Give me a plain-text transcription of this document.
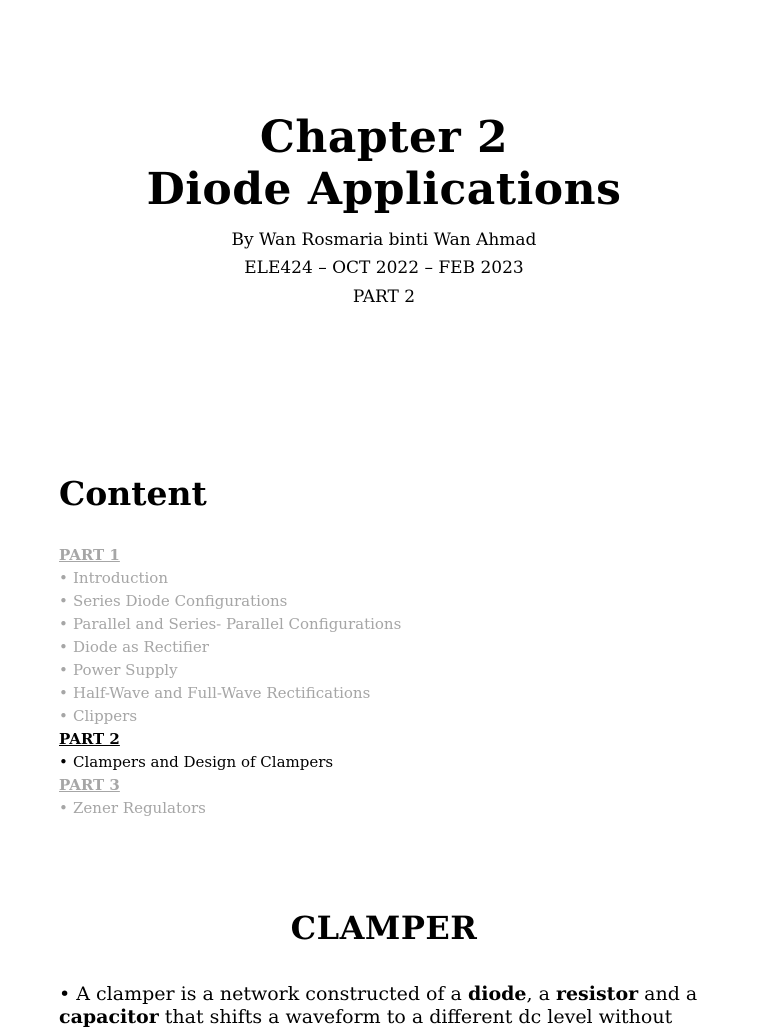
Chapter 2
Diode Applications
By Wan Rosmaria binti Wan Ahmad
ELE424 – OCT 2022 – FEB 2023
PART 2
Content
PART 1
• Introduction
• Series Diode Configurations
• Parallel and Series- Parallel Configurations
• Diode as Rectifier
• Power Supply
• Half-Wave and Full-Wave Rectifications
• Clippers
PART 2
• Clampers and Design of Clampers
PART 3
• Zener Regulators
CLAMPER
• A clamper is a network constructed of a diode, a resistor and a capacitor that shifts a waveform to a different dc level without
